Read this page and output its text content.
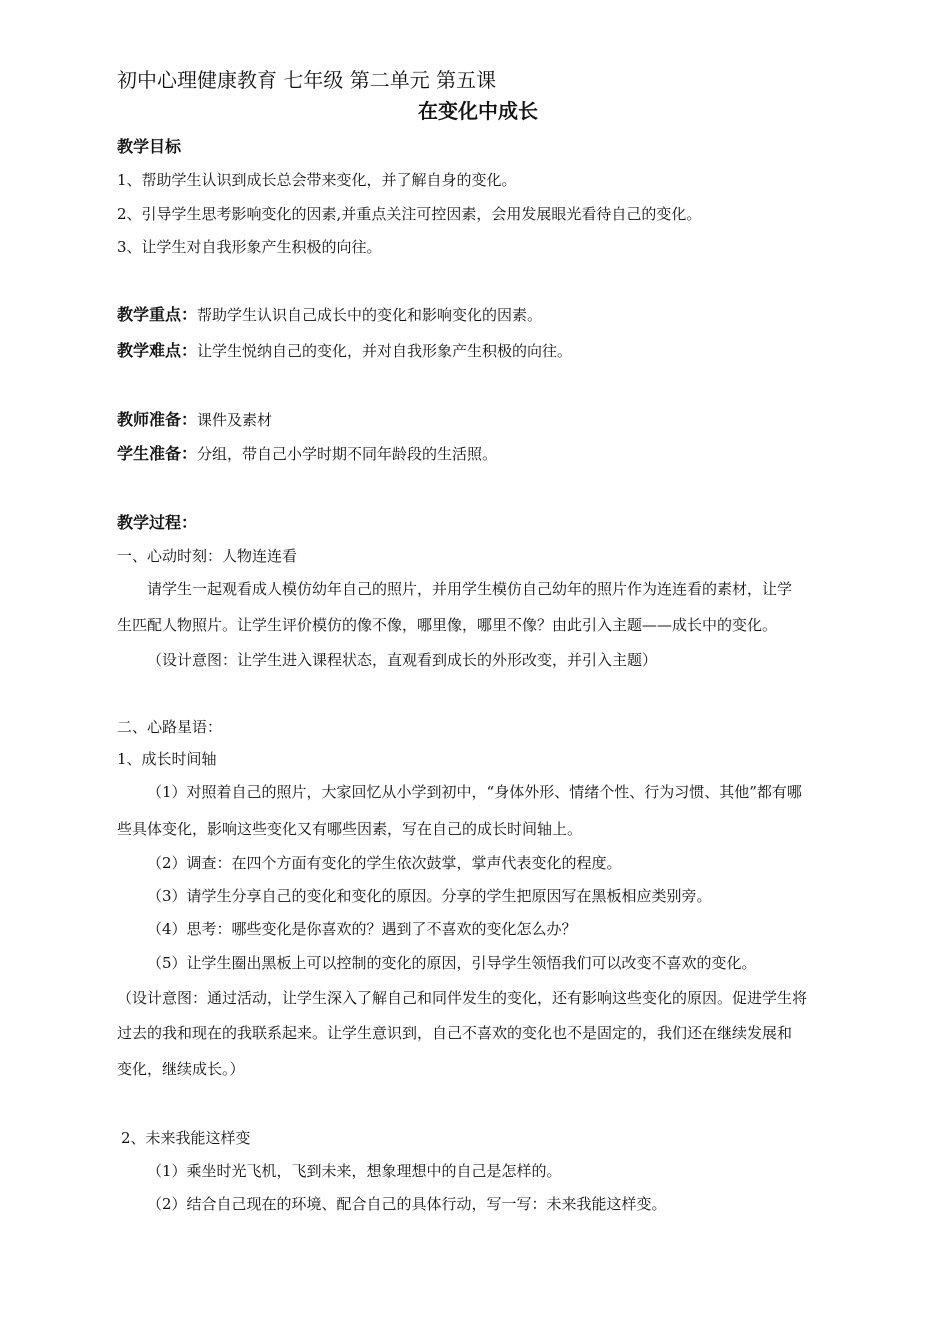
初中心理健康教育 七年级 第二单元 第五课
在变化中成长
教学目标
1、帮助学生认识到成长总会带来变化，并了解自身的变化。
2、引导学生思考影响变化的因素,并重点关注可控因素，会用发展眼光看待自己的变化。
3、让学生对自我形象产生积极的向往。
教学重点：帮助学生认识自己成长中的变化和影响变化的因素。
教学难点：让学生悦纳自己的变化，并对自我形象产生积极的向往。
教师准备：课件及素材
学生准备：分组，带自己小学时期不同年龄段的生活照。
教学过程：
一、心动时刻：人物连连看
请学生一起观看成人模仿幼年自己的照片，并用学生模仿自己幼年的照片作为连连看的素材，让学
生匹配人物照片。让学生评价模仿的像不像，哪里像，哪里不像？由此引入主题——成长中的变化。
（设计意图：让学生进入课程状态，直观看到成长的外形改变，并引入主题）
二、心路星语：
1、成长时间轴
（1）对照着自己的照片，大家回忆从小学到初中，“身体外形、情绪个性、行为习惯、其他”都有哪
些具体变化，影响这些变化又有哪些因素，写在自己的成长时间轴上。
（2）调查：在四个方面有变化的学生依次鼓掌，掌声代表变化的程度。
（3）请学生分享自己的变化和变化的原因。分享的学生把原因写在黑板相应类别旁。
（4）思考：哪些变化是你喜欢的？遇到了不喜欢的变化怎么办？
（5）让学生圈出黑板上可以控制的变化的原因，引导学生领悟我们可以改变不喜欢的变化。
（设计意图：通过活动，让学生深入了解自己和同伴发生的变化，还有影响这些变化的原因。促进学生将
过去的我和现在的我联系起来。让学生意识到，自己不喜欢的变化也不是固定的，我们还在继续发展和
变化，继续成长。）
2、未来我能这样变
（1）乘坐时光飞机，飞到未来，想象理想中的自己是怎样的。
（2）结合自己现在的环境、配合自己的具体行动，写一写：未来我能这样变。
